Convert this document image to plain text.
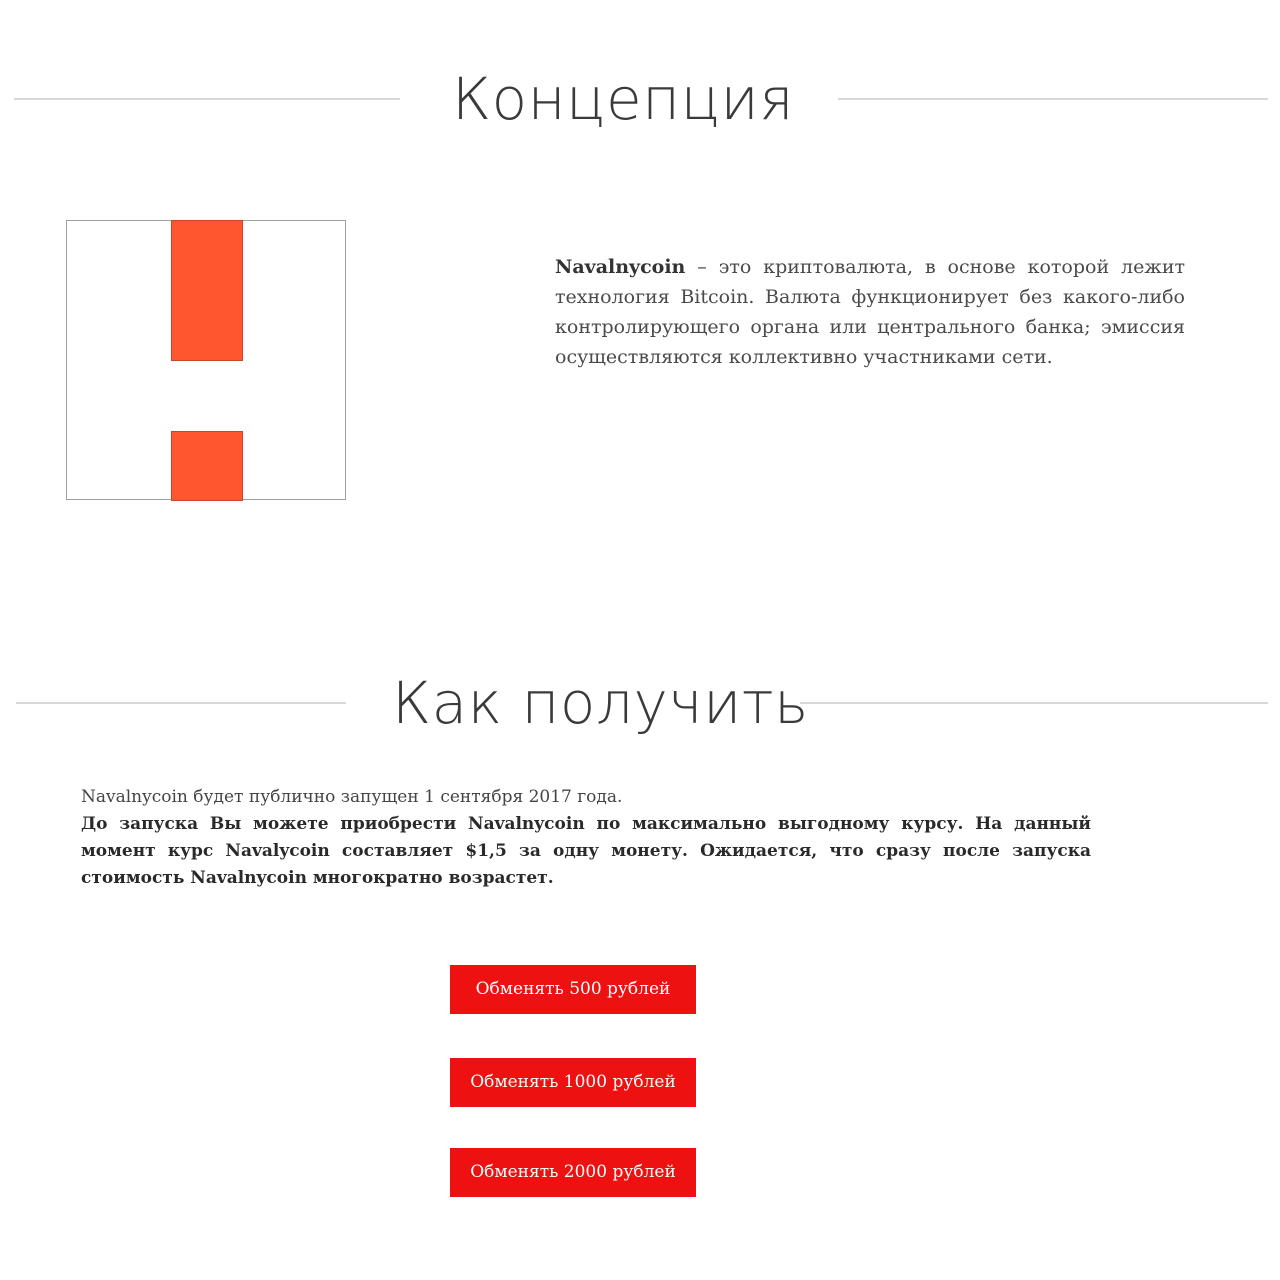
Концепция

Navalnycoin – это криптовалюта, в основе которой лежит технология Bitcoin. Валюта функционирует без какого-либо контролирующего органа или центрального банка; эмиссия осуществляются коллективно участниками сети.

Как получить

Navalnycoin будет публично запущен 1 сентября 2017 года.
До запуска Вы можете приобрести Navalnycoin по максимально выгодному курсу. На данный момент курс Navalycoin составляет $1,5 за одну монету. Ожидается, что сразу после запуска стоимость Navalnycoin многократно возрастет.

Обменять 500 рублей
Обменять 1000 рублей
Обменять 2000 рублей
